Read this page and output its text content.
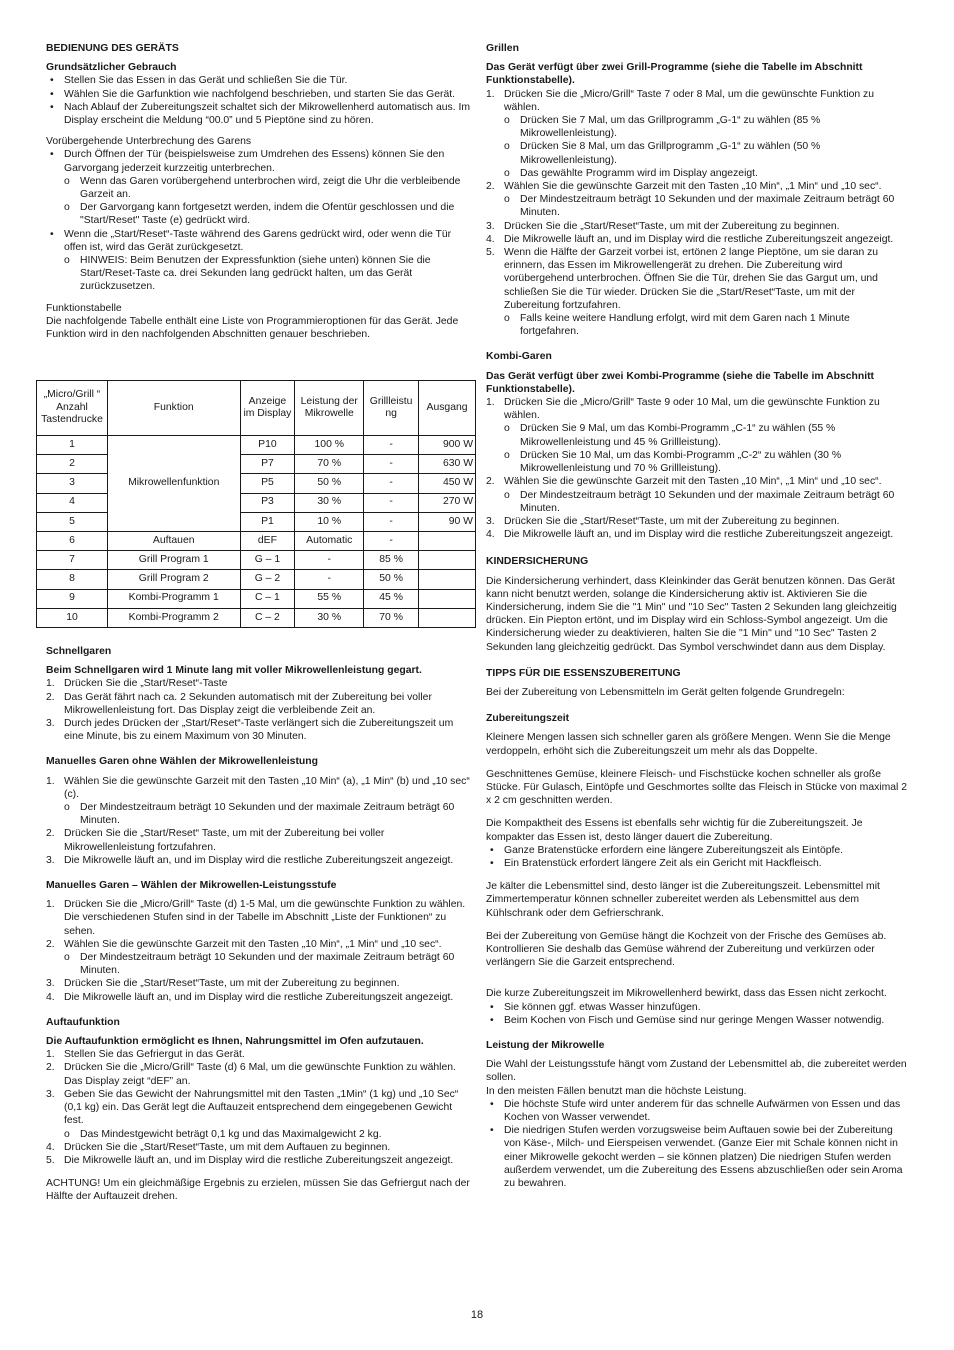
BEDIENUNG DES GERÄTS

Grundsätzlicher Gebrauch

• Stellen Sie das Essen in das Gerät und schließen Sie die Tür.
• Wählen Sie die Garfunktion wie nachfolgend beschrieben, und starten Sie das Gerät.
• Nach Ablauf der Zubereitungszeit schaltet sich der Mikrowellenherd automatisch aus. Im Display erscheint die Meldung “00.0” und 5 Pieptöne sind zu hören.

Vorübergehende Unterbrechung des Garens

• Durch Öffnen der Tür (beispielsweise zum Umdrehen des Essens) können Sie den Garvorgang jederzeit kurzzeitig unterbrechen.
o Wenn das Garen vorübergehend unterbrochen wird, zeigt die Uhr die verbleibende Garzeit an.
o Der Garvorgang kann fortgesetzt werden, indem die Ofentür geschlossen und die "Start/Reset" Taste (e) gedrückt wird.
• Wenn die „Start/Reset“-Taste während des Garens gedrückt wird, oder wenn die Tür offen ist, wird das Gerät zurückgesetzt.
o HINWEIS: Beim Benutzen der Expressfunktion (siehe unten) können Sie die Start/Reset-Taste ca. drei Sekunden lang gedrückt halten, um das Gerät zurückzusetzen.

Funktionstabelle

Die nachfolgende Tabelle enthält eine Liste von Programmieroptionen für das Gerät. Jede Funktion wird in den nachfolgenden Abschnitten genauer beschrieben.

„Micro/Grill “ Anzahl Tastendrucke	Funktion	Anzeige im Display	Leistung der Mikrowelle	Grillleistu ng	Ausgang
1	Mikrowellenfunktion	P10	100 %	-	900 W
2		P7	70 %	-	630 W
3		P5	50 %	-	450 W
4		P3	30 %	-	270 W
5		P1	10 %	-	90 W
6	Auftauen	dEF	Automatic	-	
7	Grill Program 1	G – 1	-	85 %	
8	Grill Program 2	G – 2	-	50 %	
9	Kombi-Programm 1	C – 1	55 %	45 %	
10	Kombi-Programm 2	C – 2	30 %	70 %	

Schnellgaren

Beim Schnellgaren wird 1 Minute lang mit voller Mikrowellenleistung gegart.

1. Drücken Sie die „Start/Reset“-Taste
2. Das Gerät fährt nach ca. 2 Sekunden automatisch mit der Zubereitung bei voller Mikrowellenleistung fort. Das Display zeigt die verbleibende Zeit an.
3. Durch jedes Drücken der „Start/Reset“-Taste verlängert sich die Zubereitungszeit um eine Minute, bis zu einem Maximum von 30 Minuten.

Manuelles Garen ohne Wählen der Mikrowellenleistung

1. Wählen Sie die gewünschte Garzeit mit den Tasten „10 Min“ (a), „1 Min“ (b) und „10 sec“ (c).
o Der Mindestzeitraum beträgt 10 Sekunden und der maximale Zeitraum beträgt 60 Minuten.
2. Drücken Sie die „Start/Reset“ Taste, um mit der Zubereitung bei voller Mikrowellenleistung fortzufahren.
3. Die Mikrowelle läuft an, und im Display wird die restliche Zubereitungszeit angezeigt.

Manuelles Garen – Wählen der Mikrowellen-Leistungsstufe

1. Drücken Sie die „Micro/Grill“ Taste (d) 1-5 Mal, um die gewünschte Funktion zu wählen. Die verschiedenen Stufen sind in der Tabelle im Abschnitt „Liste der Funktionen“ zu sehen.
2. Wählen Sie die gewünschte Garzeit mit den Tasten „10 Min“, „1 Min“ und „10 sec“.
o Der Mindestzeitraum beträgt 10 Sekunden und der maximale Zeitraum beträgt 60 Minuten.
3. Drücken Sie die „Start/Reset“Taste, um mit der Zubereitung zu beginnen.
4. Die Mikrowelle läuft an, und im Display wird die restliche Zubereitungszeit angezeigt.

Auftaufunktion

Die Auftaufunktion ermöglicht es Ihnen, Nahrungsmittel im Ofen aufzutauen.

1. Stellen Sie das Gefriergut in das Gerät.
2. Drücken Sie die „Micro/Grill“ Taste (d) 6 Mal, um die gewünschte Funktion zu wählen. Das Display zeigt “dEF” an.
3. Geben Sie das Gewicht der Nahrungsmittel mit den Tasten „1Min“ (1 kg) und „10 Sec“ (0,1 kg) ein. Das Gerät legt die Auftauzeit entsprechend dem eingegebenen Gewicht fest.
o Das Mindestgewicht beträgt 0,1 kg und das Maximalgewicht 2 kg.
4. Drücken Sie die „Start/Reset“Taste, um mit dem Auftauen zu beginnen.
5. Die Mikrowelle läuft an, und im Display wird die restliche Zubereitungszeit angezeigt.

ACHTUNG! Um ein gleichmäßige Ergebnis zu erzielen, müssen Sie das Gefriergut nach der Hälfte der Auftauzeit drehen.

Grillen

Das Gerät verfügt über zwei Grill-Programme (siehe die Tabelle im Abschnitt Funktionstabelle).

1. Drücken Sie die „Micro/Grill“ Taste 7 oder 8 Mal, um die gewünschte Funktion zu wählen.
o Drücken Sie 7 Mal, um das Grillprogramm „G-1“ zu wählen (85 % Mikrowellenleistung).
o Drücken Sie 8 Mal, um das Grillprogramm „G-1“ zu wählen (50 % Mikrowellenleistung).
o Das gewählte Programm wird im Display angezeigt.
2. Wählen Sie die gewünschte Garzeit mit den Tasten „10 Min“, „1 Min“ und „10 sec“.
o Der Mindestzeitraum beträgt 10 Sekunden und der maximale Zeitraum beträgt 60 Minuten.
3. Drücken Sie die „Start/Reset“Taste, um mit der Zubereitung zu beginnen.
4. Die Mikrowelle läuft an, und im Display wird die restliche Zubereitungszeit angezeigt.
5. Wenn die Hälfte der Garzeit vorbei ist, ertönen 2 lange Pieptöne, um sie daran zu erinnern, das Essen im Mikrowellengerät zu drehen. Die Zubereitung wird vorübergehend unterbrochen. Öffnen Sie die Tür, drehen Sie das Gargut um, und schließen Sie die Tür wieder. Drücken Sie die „Start/Reset“Taste, um mit der Zubereitung fortzufahren.
o Falls keine weitere Handlung erfolgt, wird mit dem Garen nach 1 Minute fortgefahren.

Kombi-Garen

Das Gerät verfügt über zwei Kombi-Programme (siehe die Tabelle im Abschnitt Funktionstabelle).

1. Drücken Sie die „Micro/Grill“ Taste 9 oder 10 Mal, um die gewünschte Funktion zu wählen.
o Drücken Sie 9 Mal, um das Kombi-Programm „C-1“ zu wählen (55 % Mikrowellenleistung und 45 % Grillleistung).
o Drücken Sie 10 Mal, um das Kombi-Programm „C-2“ zu wählen (30 % Mikrowellenleistung und 70 % Grillleistung).
2. Wählen Sie die gewünschte Garzeit mit den Tasten „10 Min“, „1 Min“ und „10 sec“.
o Der Mindestzeitraum beträgt 10 Sekunden und der maximale Zeitraum beträgt 60 Minuten.
3. Drücken Sie die „Start/Reset“Taste, um mit der Zubereitung zu beginnen.
4. Die Mikrowelle läuft an, und im Display wird die restliche Zubereitungszeit angezeigt.

KINDERSICHERUNG

Die Kindersicherung verhindert, dass Kleinkinder das Gerät benutzen können. Das Gerät kann nicht benutzt werden, solange die Kindersicherung aktiv ist. Aktivieren Sie die Kindersicherung, indem Sie die "1 Min" und "10 Sec" Tasten 2 Sekunden lang gleichzeitig drücken. Ein Piepton ertönt, und im Display wird ein Schloss-Symbol angezeigt. Um die Kindersicherung wieder zu deaktivieren, halten Sie die "1 Min" und "10 Sec" Tasten 2 Sekunden lang gleichzeitig gedrückt. Das Symbol verschwindet dann aus dem Display.

TIPPS FÜR DIE ESSENSZUBEREITUNG

Bei der Zubereitung von Lebensmitteln im Gerät gelten folgende Grundregeln:

Zubereitungszeit

Kleinere Mengen lassen sich schneller garen als größere Mengen. Wenn Sie die Menge verdoppeln, erhöht sich die Zubereitungszeit um mehr als das Doppelte.

Geschnittenes Gemüse, kleinere Fleisch- und Fischstücke kochen schneller als große Stücke. Für Gulasch, Eintöpfe und Geschmortes sollte das Fleisch in Stücke von maximal 2 x 2 cm geschnitten werden.

Die Kompaktheit des Essens ist ebenfalls sehr wichtig für die Zubereitungszeit. Je kompakter das Essen ist, desto länger dauert die Zubereitung.

• Ganze Bratenstücke erfordern eine längere Zubereitungszeit als Eintöpfe.
• Ein Bratenstück erfordert längere Zeit als ein Gericht mit Hackfleisch.

Je kälter die Lebensmittel sind, desto länger ist die Zubereitungszeit. Lebensmittel mit Zimmertemperatur können schneller zubereitet werden als Lebensmittel aus dem Kühlschrank oder dem Gefrierschrank.

Bei der Zubereitung von Gemüse hängt die Kochzeit von der Frische des Gemüses ab. Kontrollieren Sie deshalb das Gemüse während der Zubereitung und verkürzen oder verlängern Sie die Garzeit entsprechend.

Die kurze Zubereitungszeit im Mikrowellenherd bewirkt, dass das Essen nicht zerkocht.

• Sie können ggf. etwas Wasser hinzufügen.
• Beim Kochen von Fisch und Gemüse sind nur geringe Mengen Wasser notwendig.

Leistung der Mikrowelle

Die Wahl der Leistungsstufe hängt vom Zustand der Lebensmittel ab, die zubereitet werden sollen.

In den meisten Fällen benutzt man die höchste Leistung.

• Die höchste Stufe wird unter anderem für das schnelle Aufwärmen von Essen und das Kochen von Wasser verwendet.
• Die niedrigen Stufen werden vorzugsweise beim Auftauen sowie bei der Zubereitung von Käse-, Milch- und Eierspeisen verwendet. (Ganze Eier mit Schale können nicht in einer Mikrowelle gekocht werden – sie können platzen) Die niedrigen Stufen werden außerdem verwendet, um die Zubereitung des Essens abzuschließen oder sein Aroma zu bewahren.
18
